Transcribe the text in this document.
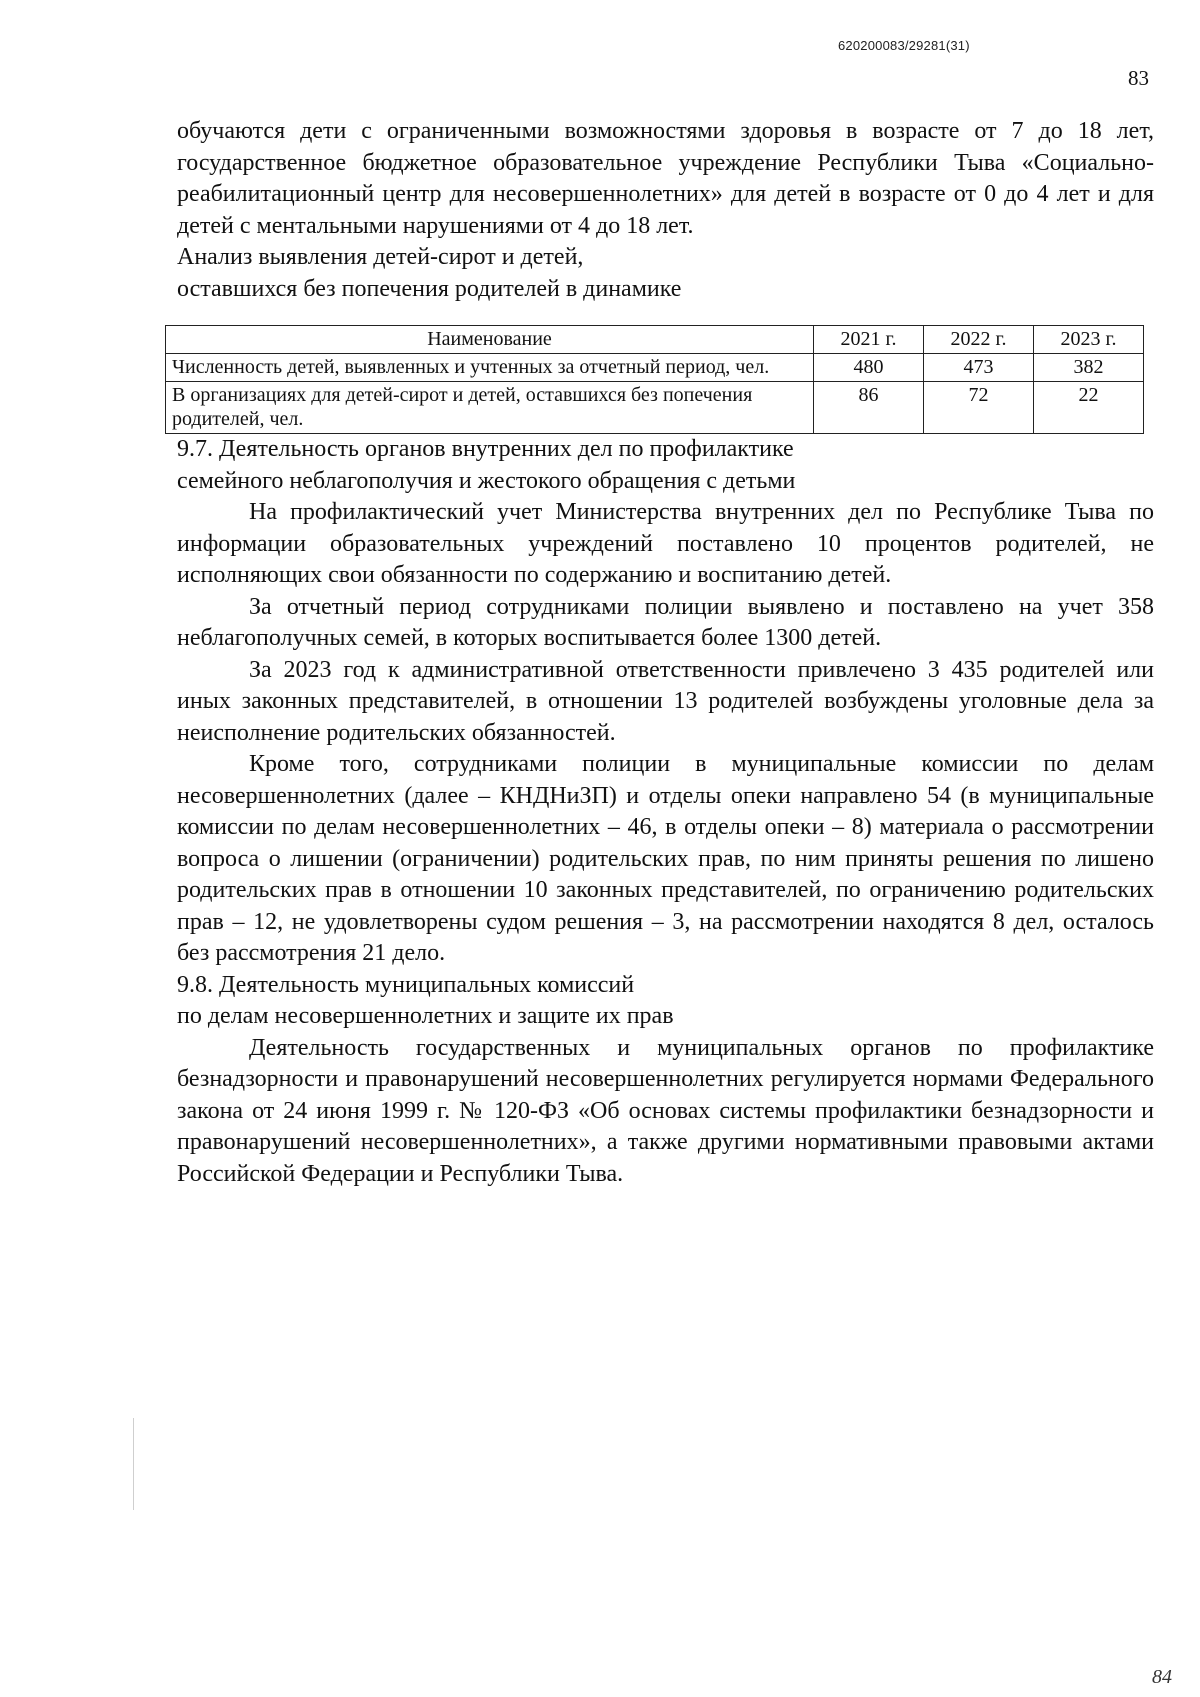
620200083/29281(31)
83

обучаются дети с ограниченными возможностями здоровья в возрасте от 7 до 18 лет, государственное бюджетное образовательное учреждение Республики Тыва «Социально-реабилитационный центр для несовершеннолетних» для детей в возрасте от 0 до 4 лет и для детей с ментальными нарушениями от 4 до 18 лет.

Анализ выявления детей-сирот и детей,

оставшихся без попечения родителей в динамике

Наименование	2021 г.	2022 г.	2023 г.
Численность детей, выявленных и учтенных за отчетный период, чел.	480	473	382
В организациях для детей-сирот и детей, оставшихся без попечения родителей, чел.	86	72	22

9.7. Деятельность органов внутренних дел по профилактике

семейного неблагополучия и жестокого обращения с детьми

На профилактический учет Министерства внутренних дел по Республике Тыва по информации образовательных учреждений поставлено 10 процентов родителей, не исполняющих свои обязанности по содержанию и воспитанию детей.

За отчетный период сотрудниками полиции выявлено и поставлено на учет 358 неблагополучных семей, в которых воспитывается более 1300 детей.

За 2023 год к административной ответственности привлечено 3 435 родителей или иных законных представителей, в отношении 13 родителей возбуждены уголовные дела за неисполнение родительских обязанностей.

Кроме того, сотрудниками полиции в муниципальные комиссии по делам несовершеннолетних (далее – КНДНиЗП) и отделы опеки направлено 54 (в муниципальные комиссии по делам несовершеннолетних – 46, в отделы опеки – 8) материала о рассмотрении вопроса о лишении (ограничении) родительских прав, по ним приняты решения по лишено родительских прав в отношении 10 законных представителей, по ограничению родительских прав – 12, не удовлетворены судом решения – 3, на рассмотрении находятся 8 дел, осталось без рассмотрения 21 дело.

9.8. Деятельность муниципальных комиссий

по делам несовершеннолетних и защите их прав

Деятельность государственных и муниципальных органов по профилактике безнадзорности и правонарушений несовершеннолетних регулируется нормами Федерального закона от 24 июня 1999 г. № 120-ФЗ «Об основах системы профилактики безнадзорности и правонарушений несовершеннолетних», а также другими нормативными правовыми актами Российской Федерации и Республики Тыва.

84
